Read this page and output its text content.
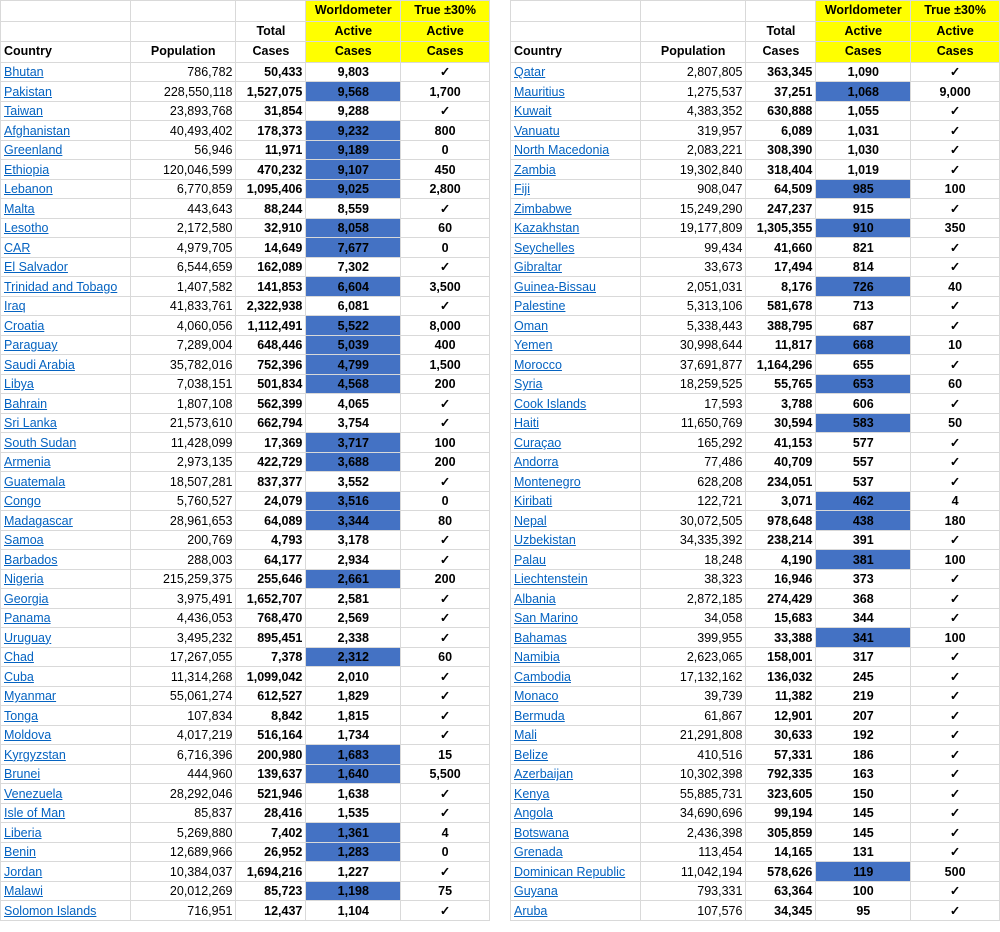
			Worldometer	True ±30%
		Total	Active	Active
Country	Population	Cases	Cases	Cases
Bhutan	786,782	50,433	9,803	✓
Pakistan	228,550,118	1,527,075	9,568	1,700
Taiwan	23,893,768	31,854	9,288	✓
Afghanistan	40,493,402	178,373	9,232	800
Greenland	56,946	11,971	9,189	0
Ethiopia	120,046,599	470,232	9,107	450
Lebanon	6,770,859	1,095,406	9,025	2,800
Malta	443,643	88,244	8,559	✓
Lesotho	2,172,580	32,910	8,058	60
CAR	4,979,705	14,649	7,677	0
El Salvador	6,544,659	162,089	7,302	✓
Trinidad and Tobago	1,407,582	141,853	6,604	3,500
Iraq	41,833,761	2,322,938	6,081	✓
Croatia	4,060,056	1,112,491	5,522	8,000
Paraguay	7,289,004	648,446	5,039	400
Saudi Arabia	35,782,016	752,396	4,799	1,500
Libya	7,038,151	501,834	4,568	200
Bahrain	1,807,108	562,399	4,065	✓
Sri Lanka	21,573,610	662,794	3,754	✓
South Sudan	11,428,099	17,369	3,717	100
Armenia	2,973,135	422,729	3,688	200
Guatemala	18,507,281	837,377	3,552	✓
Congo	5,760,527	24,079	3,516	0
Madagascar	28,961,653	64,089	3,344	80
Samoa	200,769	4,793	3,178	✓
Barbados	288,003	64,177	2,934	✓
Nigeria	215,259,375	255,646	2,661	200
Georgia	3,975,491	1,652,707	2,581	✓
Panama	4,436,053	768,470	2,569	✓
Uruguay	3,495,232	895,451	2,338	✓
Chad	17,267,055	7,378	2,312	60
Cuba	11,314,268	1,099,042	2,010	✓
Myanmar	55,061,274	612,527	1,829	✓
Tonga	107,834	8,842	1,815	✓
Moldova	4,017,219	516,164	1,734	✓
Kyrgyzstan	6,716,396	200,980	1,683	15
Brunei	444,960	139,637	1,640	5,500
Venezuela	28,292,046	521,946	1,638	✓
Isle of Man	85,837	28,416	1,535	✓
Liberia	5,269,880	7,402	1,361	4
Benin	12,689,966	26,952	1,283	0
Jordan	10,384,037	1,694,216	1,227	✓
Malawi	20,012,269	85,723	1,198	75
Solomon Islands	716,951	12,437	1,104	✓
			Worldometer	True ±30%
		Total	Active	Active
Country	Population	Cases	Cases	Cases
Qatar	2,807,805	363,345	1,090	✓
Mauritius	1,275,537	37,251	1,068	9,000
Kuwait	4,383,352	630,888	1,055	✓
Vanuatu	319,957	6,089	1,031	✓
North Macedonia	2,083,221	308,390	1,030	✓
Zambia	19,302,840	318,404	1,019	✓
Fiji	908,047	64,509	985	100
Zimbabwe	15,249,290	247,237	915	✓
Kazakhstan	19,177,809	1,305,355	910	350
Seychelles	99,434	41,660	821	✓
Gibraltar	33,673	17,494	814	✓
Guinea-Bissau	2,051,031	8,176	726	40
Palestine	5,313,106	581,678	713	✓
Oman	5,338,443	388,795	687	✓
Yemen	30,998,644	11,817	668	10
Morocco	37,691,877	1,164,296	655	✓
Syria	18,259,525	55,765	653	60
Cook Islands	17,593	3,788	606	✓
Haiti	11,650,769	30,594	583	50
Curaçao	165,292	41,153	577	✓
Andorra	77,486	40,709	557	✓
Montenegro	628,208	234,051	537	✓
Kiribati	122,721	3,071	462	4
Nepal	30,072,505	978,648	438	180
Uzbekistan	34,335,392	238,214	391	✓
Palau	18,248	4,190	381	100
Liechtenstein	38,323	16,946	373	✓
Albania	2,872,185	274,429	368	✓
San Marino	34,058	15,683	344	✓
Bahamas	399,955	33,388	341	100
Namibia	2,623,065	158,001	317	✓
Cambodia	17,132,162	136,032	245	✓
Monaco	39,739	11,382	219	✓
Bermuda	61,867	12,901	207	✓
Mali	21,291,808	30,633	192	✓
Belize	410,516	57,331	186	✓
Azerbaijan	10,302,398	792,335	163	✓
Kenya	55,885,731	323,605	150	✓
Angola	34,690,696	99,194	145	✓
Botswana	2,436,398	305,859	145	✓
Grenada	113,454	14,165	131	✓
Dominican Republic	11,042,194	578,626	119	500
Guyana	793,331	63,364	100	✓
Aruba	107,576	34,345	95	✓
